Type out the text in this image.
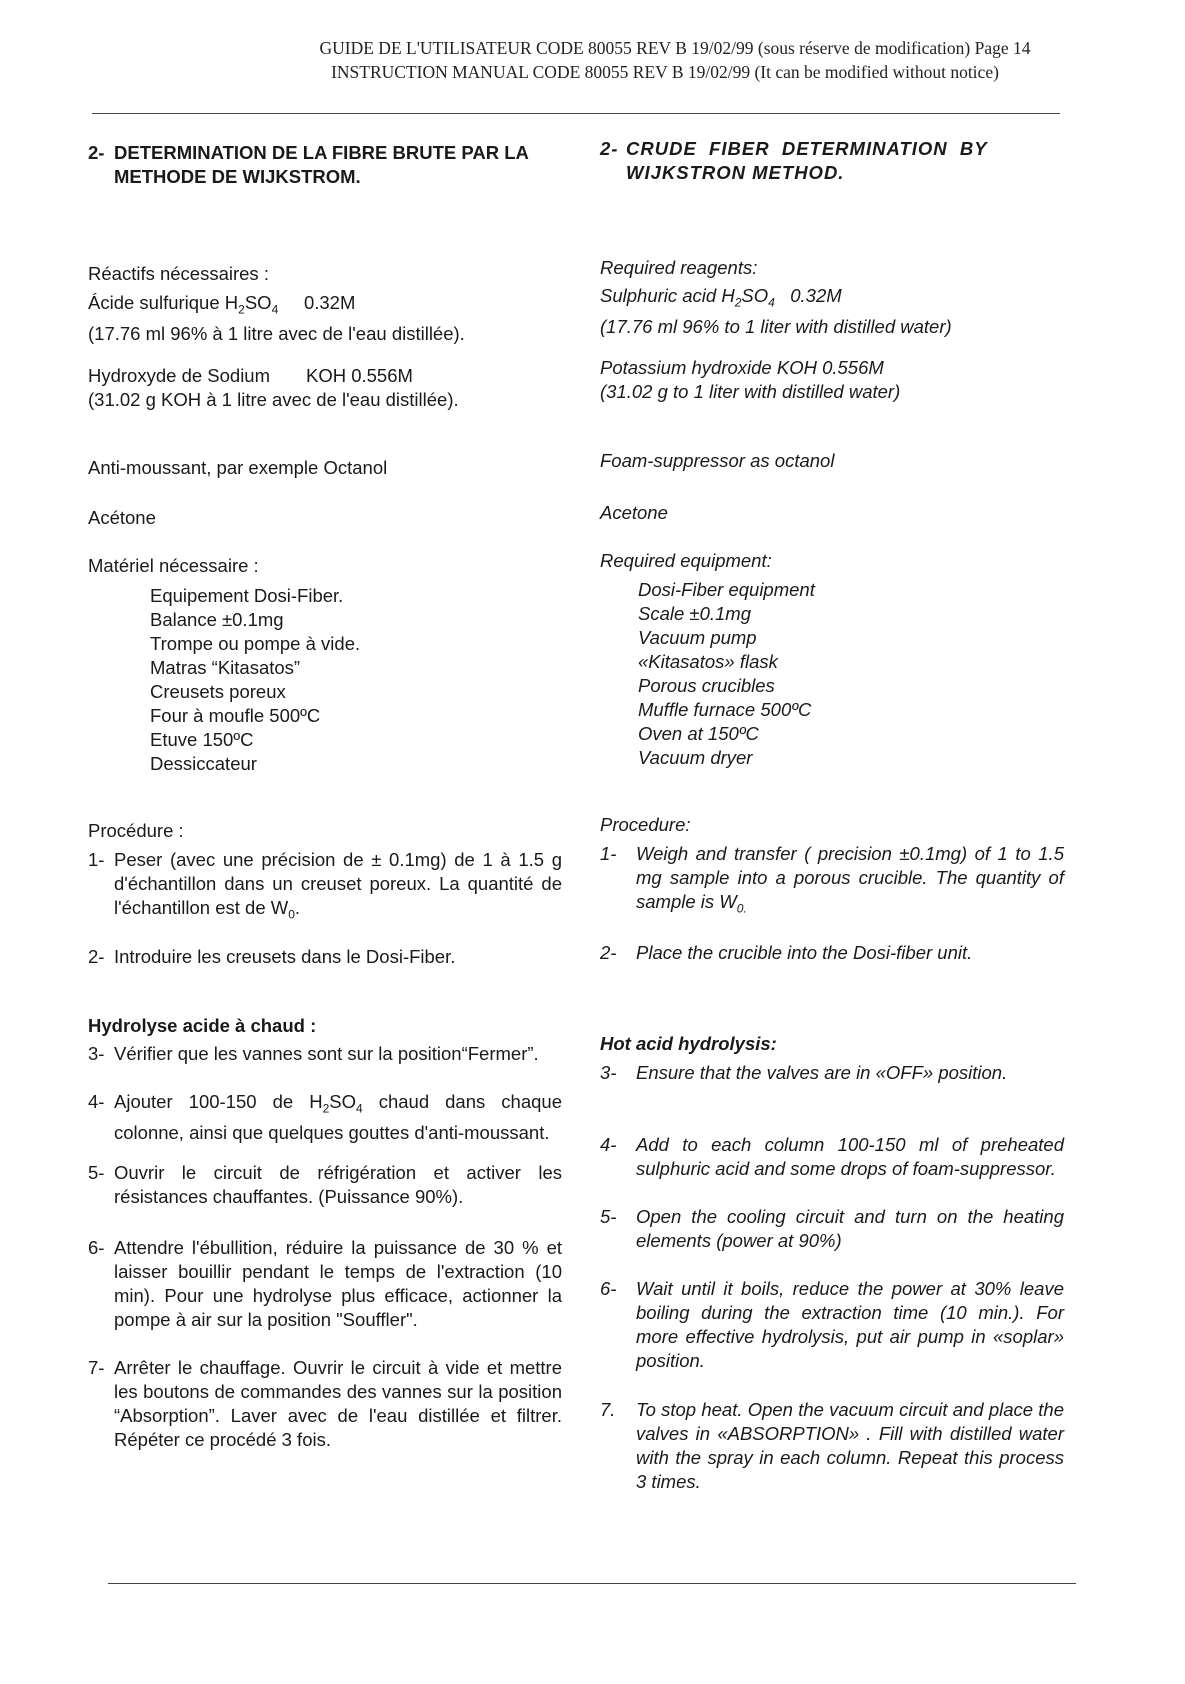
GUIDE DE L'UTILISATEUR CODE 80055 REV B 19/02/99 (sous réserve de modification) Page 14
INSTRUCTION MANUAL CODE 80055 REV B 19/02/99 (It can be modified without notice)

2- DETERMINATION DE LA FIBRE BRUTE PAR LA

METHODE DE WIJKSTROM.

Réactifs nécessaires :

Ácide sulfurique $H_2SO_4$     0.32M

(17.76 ml 96% à 1 litre avec de l'eau distillée).

Hydroxyde de Sodium       KOH 0.556M

(31.02 g KOH à 1 litre avec de l'eau distillée).

Anti-moussant, par exemple Octanol

Acétone

Matériel nécessaire :

Equipement Dosi-Fiber.

Balance ±0.1mg

Trompe ou pompe à vide.

Matras “Kitasatos”

Creusets poreux

Four à moufle 500ºC

Etuve 150ºC

Dessiccateur

Procédure :

1- Peser (avec une précision de ± 0.1mg) de 1 à 1.5 g d'échantillon dans un creuset poreux. La quantité de l'échantillon est de $W_0$.
2- Introduire les creusets dans le Dosi-Fiber.

Hydrolyse acide à chaud :

3- Vérifier que les vannes sont sur la position“Fermer”.
4- Ajouter 100-150 de $H_2SO_4$ chaud dans chaque colonne, ainsi que quelques gouttes d'anti-moussant.
5- Ouvrir le circuit de réfrigération et activer les résistances chauffantes. (Puissance 90%).
6- Attendre l'ébullition, réduire la puissance de 30 % et laisser bouillir pendant le temps de l'extraction (10 min). Pour une hydrolyse plus efficace, actionner la pompe à air sur la position "Souffler".
7- Arrêter le chauffage. Ouvrir le circuit à vide et mettre les boutons de commandes des vannes sur la position “Absorption”. Laver avec de l'eau distillée et filtrer. Répéter ce procédé 3 fois.

2- CRUDE  FIBER  DETERMINATION  BY

WIJKSTRON METHOD.

Required reagents:

Sulphuric acid $H_2SO_4$   0.32M

(17.76 ml 96% to 1 liter with distilled water)

Potassium hydroxide KOH 0.556M

(31.02 g to 1 liter with distilled water)

Foam-suppressor as octanol

Acetone

Required equipment:

Dosi-Fiber equipment

Scale ±0.1mg

Vacuum pump

«Kitasatos» flask

Porous crucibles

Muffle furnace 500ºC

Oven at 150ºC

Vacuum dryer

Procedure:

1-	Weigh and transfer ( precision ±0.1mg) of 1 to 1.5 mg sample into a porous crucible. The quantity of sample is $W_{0.}$
2-	Place the crucible into the Dosi-fiber unit.

Hot acid hydrolysis:

3-	Ensure that the valves are in «OFF» position.
4-	Add to each column 100-150 ml of preheated sulphuric acid and some drops of foam-suppressor.
5-	Open the cooling circuit and turn on the heating elements (power at 90%)
6-	Wait until it boils, reduce the power at 30% leave boiling during the extraction time (10 min.). For more effective hydrolysis, put air pump in «soplar» position.
7.	To stop heat. Open the vacuum circuit and place the valves in «ABSORPTION» . Fill with distilled water with the spray in each column. Repeat this process 3 times.
